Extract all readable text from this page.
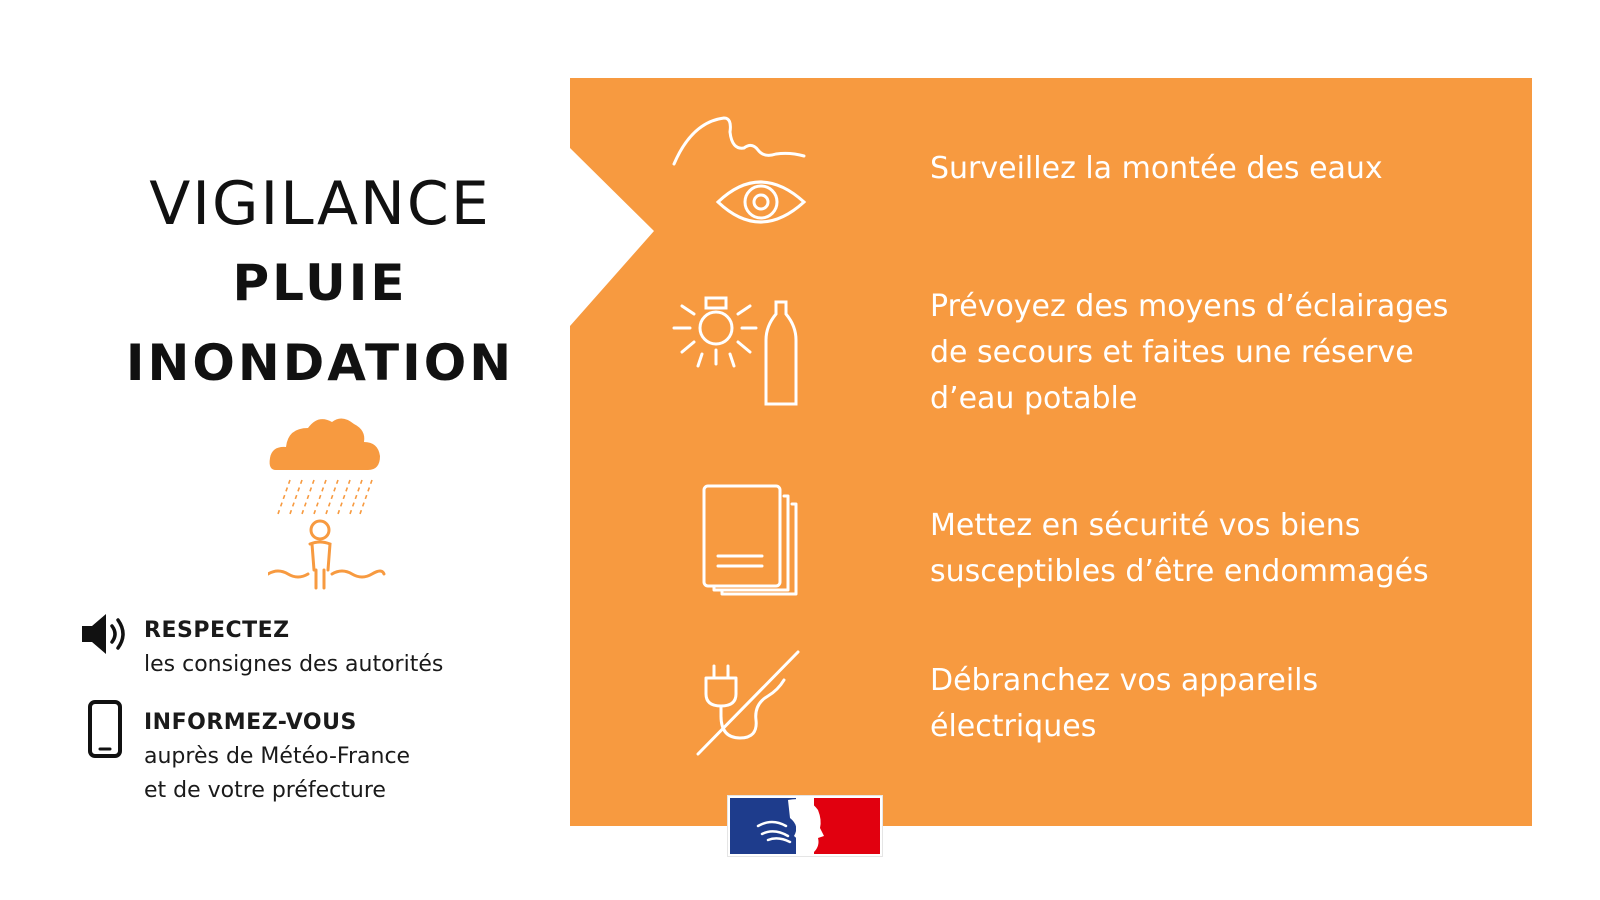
VIGILANCE
PLUIE
INONDATION
RESPECTEZ
les consignes des autorités
INFORMEZ-VOUS
auprès de Météo-France
et de votre préfecture
Surveillez la montée des eaux
Prévoyez des moyens d’éclairages
de secours et faites une réserve
d’eau potable
Mettez en sécurité vos biens
susceptibles d’être endommagés
Débranchez vos appareils
électriques
